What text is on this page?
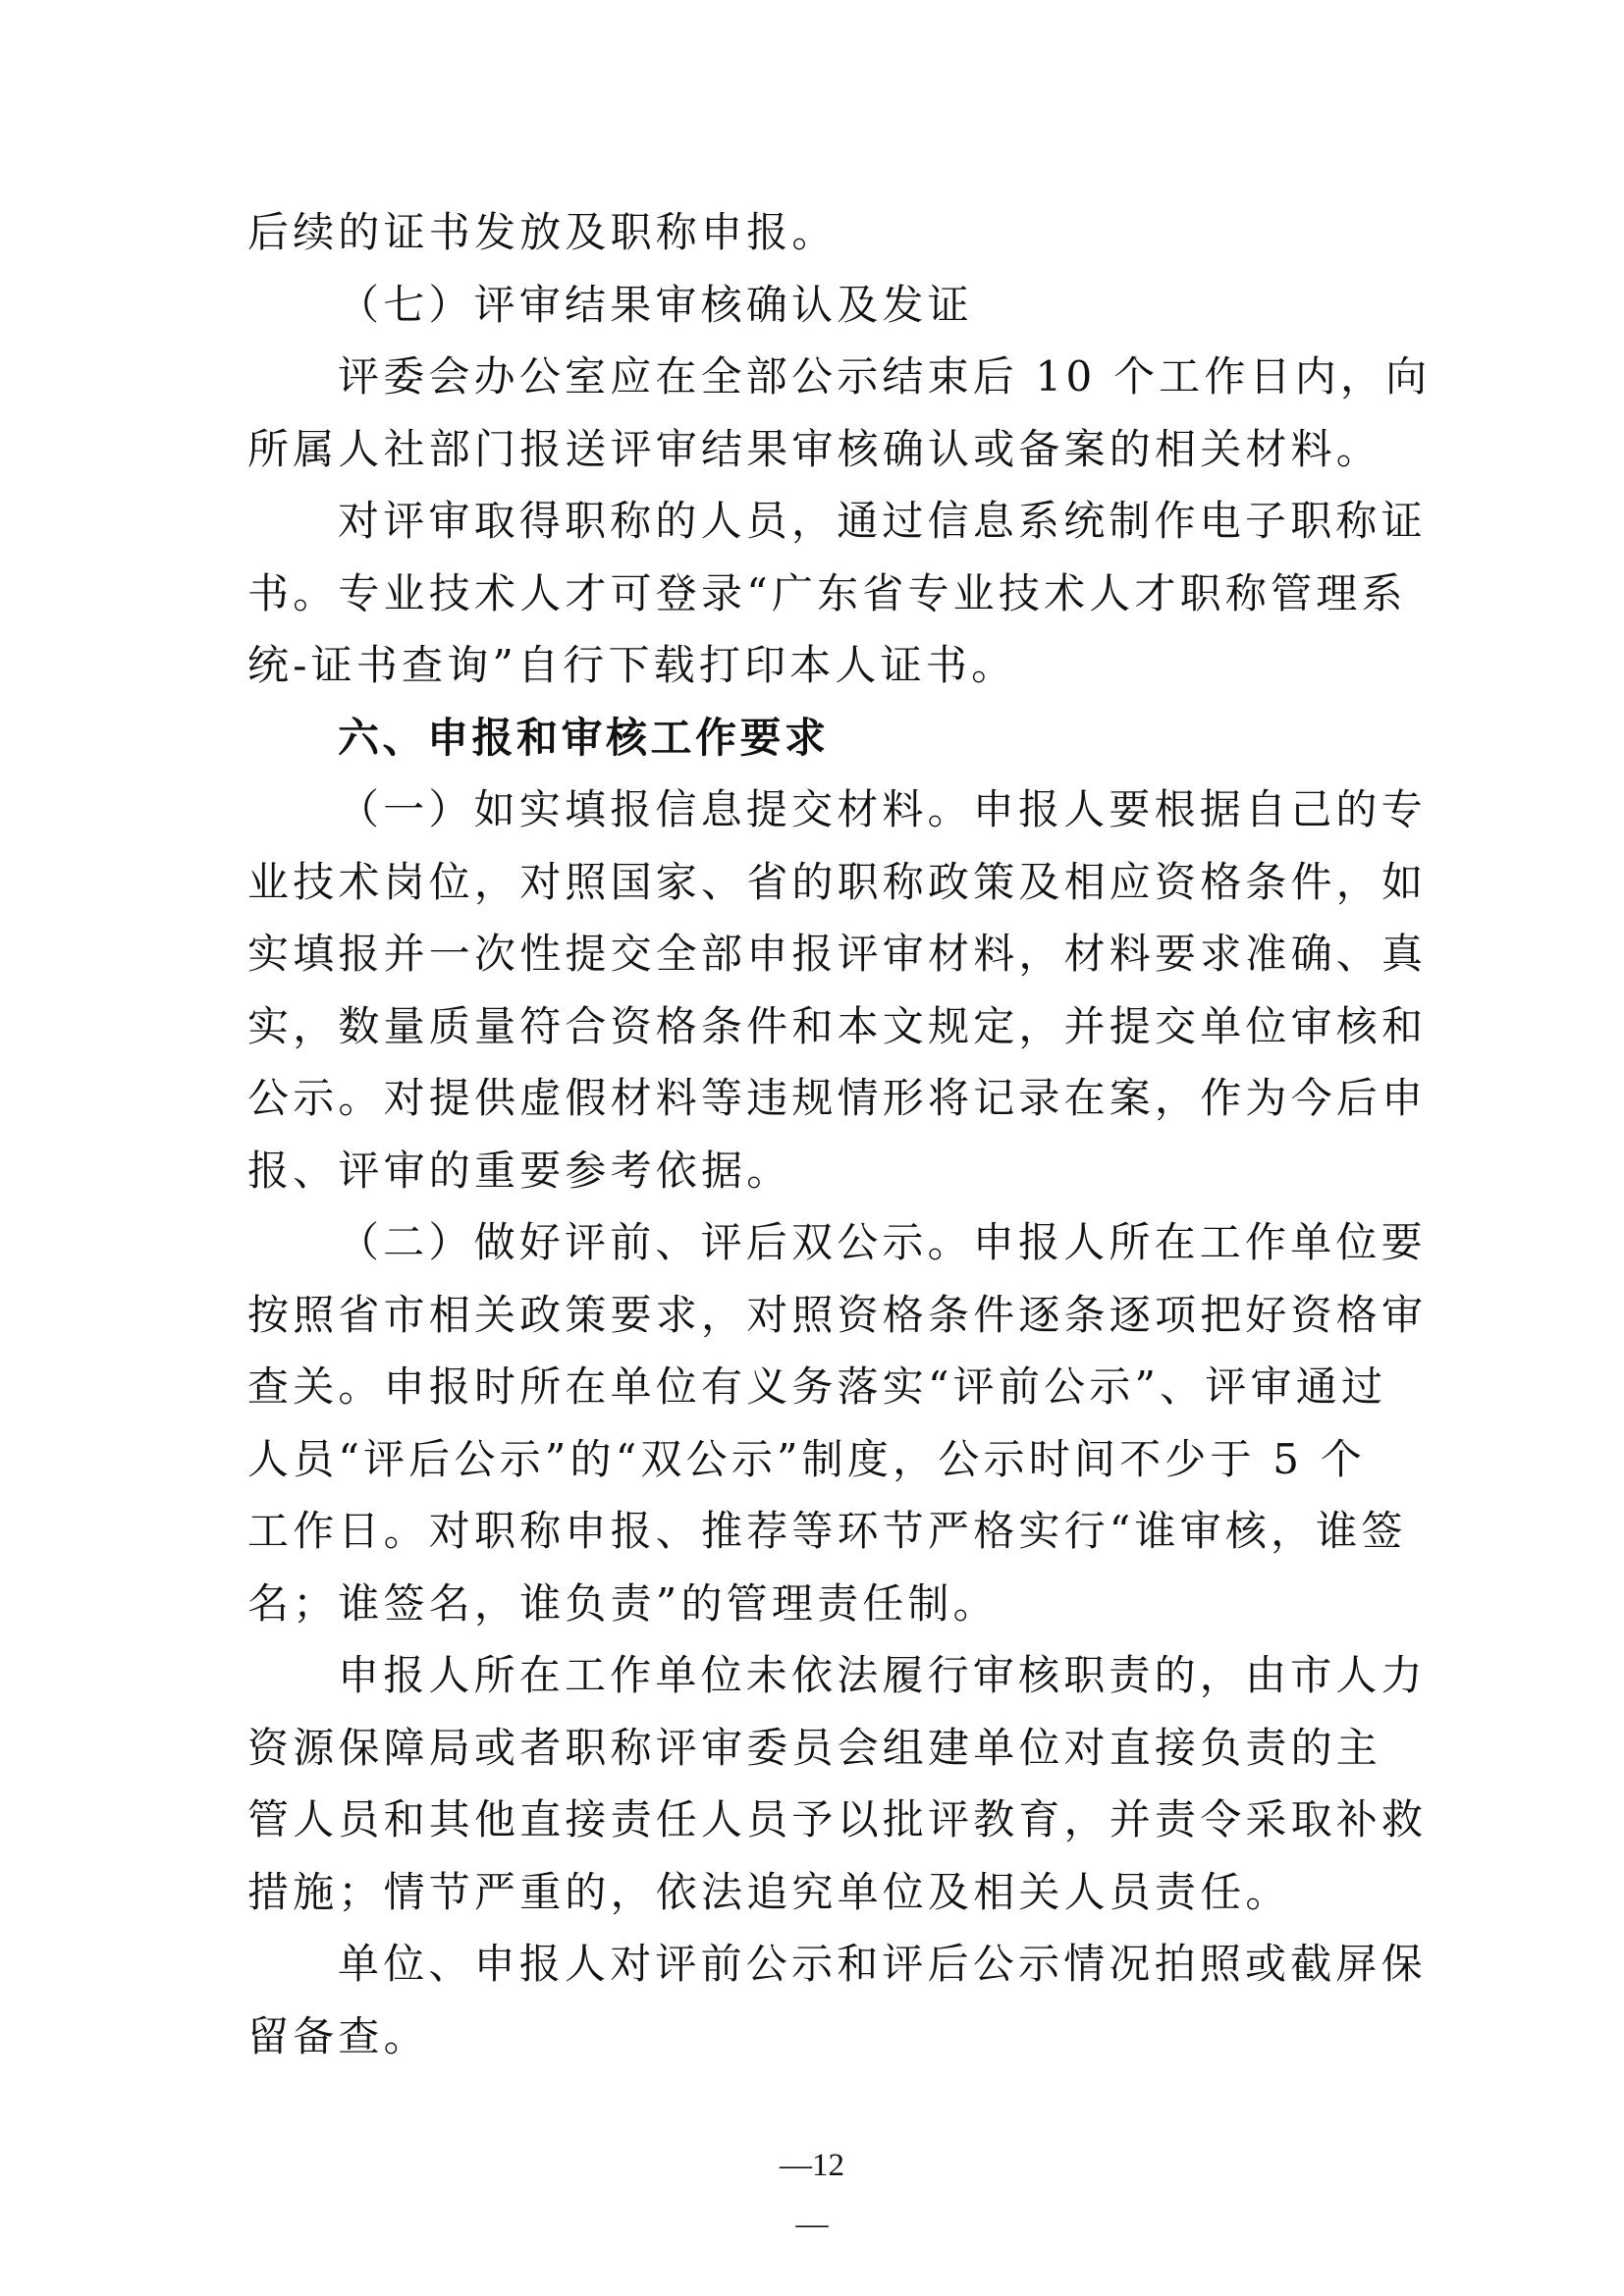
后续的证书发放及职称申报。
（七）评审结果审核确认及发证
评委会办公室应在全部公示结束后 10 个工作日内，向
所属人社部门报送评审结果审核确认或备案的相关材料。
对评审取得职称的人员，通过信息系统制作电子职称证
书。专业技术人才可登录“广东省专业技术人才职称管理系
统-证书查询”自行下载打印本人证书。
六、申报和审核工作要求
（一）如实填报信息提交材料。申报人要根据自己的专
业技术岗位，对照国家、省的职称政策及相应资格条件，如
实填报并一次性提交全部申报评审材料，材料要求准确、真
实，数量质量符合资格条件和本文规定，并提交单位审核和
公示。对提供虚假材料等违规情形将记录在案，作为今后申
报、评审的重要参考依据。
（二）做好评前、评后双公示。申报人所在工作单位要
按照省市相关政策要求，对照资格条件逐条逐项把好资格审
查关。申报时所在单位有义务落实“评前公示”、评审通过
人员“评后公示”的“双公示”制度，公示时间不少于 5 个
工作日。对职称申报、推荐等环节严格实行“谁审核，谁签
名；谁签名，谁负责”的管理责任制。
申报人所在工作单位未依法履行审核职责的，由市人力
资源保障局或者职称评审委员会组建单位对直接负责的主
管人员和其他直接责任人员予以批评教育，并责令采取补救
措施；情节严重的，依法追究单位及相关人员责任。
单位、申报人对评前公示和评后公示情况拍照或截屏保
留备查。
—12
—
